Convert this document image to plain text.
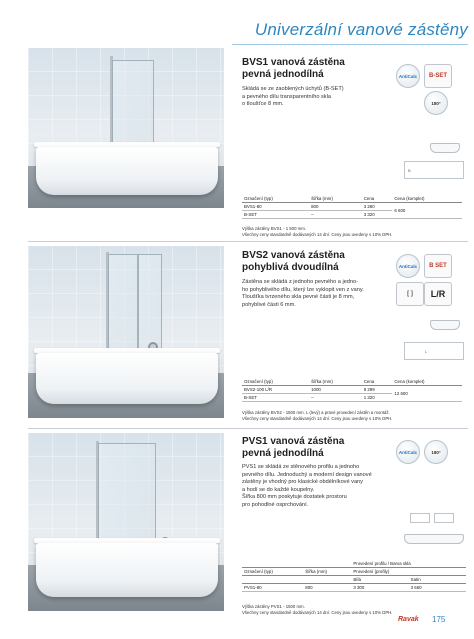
Univerzální vanové zástěny
BVS1 vanová zástěna
pevná jednodílná
Skládá se ze zaoblených úchytů (B-SET)
a pevného dílu transparentního skla
o tloušťce 8 mm.
AntiCalc	B-SET
180°
B
Označení (typ)	Šířka (mm)	Cena	Cena (komplet)
BVS1-80	800	3 280	6 600
B-SET	–	3 320	
Výška zástěny BVS1 - 1 500 mm.
Všechny ceny standardně dodávaných 14 dní. Ceny jsou uvedeny s 10% DPH.
BVS2 vanová zástěna
pohyblivá dvoudílná
Zástěna se skládá z jednoho pevného a jedno-
ho pohyblivého dílu, který lze vyklopit ven z vany.
Tloušťka tvrzeného skla pevné části je 8 mm,
pohyblivé části 6 mm.
AntiCalc	B SET
[ ]	L/R
L
Označení (typ)	Šířka (mm)	Cena	Cena (komplet)
BVS2-100 L/R	1000	9 299	12 600
B-SET	–	1 320	
Výška zástěny BVS2 - 1500 mm. L (levý) a pravé provedení zástěn a montáž.
Všechny ceny standardně dodávaných 14 dní. Ceny jsou uvedeny s 10% DPH.
PVS1 vanová zástěna
pevná jednodílná
PVS1 se skládá ze stěnového profilu a jednoho
pevného dílu. Jednoduchý a moderní design vanové
zástěny je vhodný pro klasické obdélníkové vany
a hodí se do každé koupelny.
Šířka 800 mm poskytuje dostatek prostoru
pro pohodlné osprchování.
AntiCalc	180°
		Provedení profilu / Barva skla	
Označení (typ)	Šířka (mm)	Provedení (profily)	
		Bílá	Satin
PVS1-80	800	3 300	3 660
Výška zástěny PVS1 - 1500 mm.
Všechny ceny standardně dodávaných 14 dní. Ceny jsou uvedeny s 10% DPH.
Ravak 175
